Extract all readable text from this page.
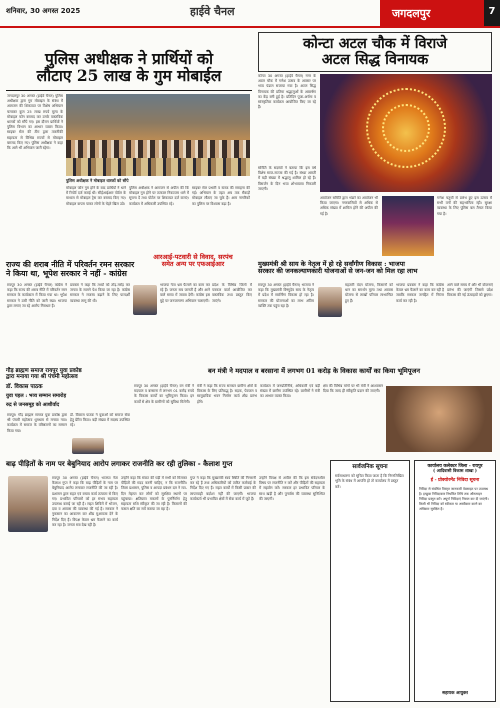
शनिवार, 30 अगस्त 2025	हाईवे चैनल	जगदलपुर	7
पुलिस अधीक्षक ने प्रार्थियों को
लौटाए 25 लाख के गुम मोबाईल
जगदलपुर 30 अगस्त (हाईवे चैनल) पुलिस अधीक्षक द्वारा गुम मोबाइल के संबंध में आमजन की शिकायत पर विशेष अभियान चलाकर कुल 25 लाख रुपये मूल्य के मोबाइल फोन बरामद कर उनके वास्तविक धारकों को सौंपे गए। इस दौरान प्रार्थियों ने पुलिस विभाग का आभार व्यक्त किया। साइबर सेल की टीम द्वारा तकनीकी सहायता से विभिन्न राज्यों से मोबाइल बरामद किए गए। पुलिस अधीक्षक ने कहा कि आगे भी अभियान जारी रहेगा।
पुलिस अधीक्षक ने मोबाइल धारकों को सौंपे
मोबाइल फोन गुम होने के बाद प्रार्थियों ने थाने में रिपोर्ट दर्ज कराई थी। सीईआईआर पोर्टल के माध्यम से मोबाइल ट्रेस कर बरामद किए गए। मोबाइल वापस पाकर लोगों के चेहरे खिल उठे।
पुलिस अधीक्षक ने आमजन से अपील की कि मोबाइल गुम होने पर तत्काल निकटतम थाने में सूचना दें तथा पोर्टल पर शिकायत दर्ज कराएं। कार्यक्रम में अधिकारी उपस्थित रहे।
साइबर सेल प्रभारी व स्टाफ की सराहना की गई। अभियान के तहत अब तक सैकड़ों मोबाइल लौटाए जा चुके हैं। आम नागरिकों का पुलिस पर विश्वास बढ़ा है।
कोन्टा अटल चौक में विराजे
अटल सिद्ध विनायक
कोन्टा 30 अगस्त (हाईवे चैनल) नगर के अटल चौक में गणेश उत्सव के अवसर पर भव्य पंडाल सजाया गया है। अटल सिद्ध विनायक की प्रतिमा श्रद्धालुओं के आकर्षण का केंद्र बनी हुई है। प्रतिदिन पूजा-अर्चना व सांस्कृतिक कार्यक्रम आयोजित किए जा रहे हैं।
समिति के सदस्यों ने बताया कि इस वर्ष विशेष साज-सज्जा की गई है। संध्या आरती में बड़ी संख्या में श्रद्धालु शामिल हो रहे हैं। विसर्जन के दिन भव्य शोभायात्रा निकाली जाएगी।
आयोजन समिति द्वारा भंडारे का आयोजन भी किया जाएगा। नगरवासियों से अधिक से अधिक संख्या में शामिल होने की अपील की गई है।
गणेश चतुर्थी से प्रारंभ हुए इस उत्सव में सभी वर्गों की सहभागिता रही। सुरक्षा व्यवस्था के लिए पुलिस बल तैनात किया गया है।
राज्य की शराब नीति में परिवर्तन रमन सरकार
ने किया था, भूपेश सरकार ने नहीं - कांग्रेस
रायपुर 30 अगस्त (हाईवे चैनल) कांग्रेस ने कहा कि राज्य की शराब नीति में परिवर्तन रमन सरकार के कार्यकाल में किया गया था। भूपेश सरकार ने उसी नीति को जारी रखा। भाजपा द्वारा लगाए जा रहे आरोप निराधार हैं।
प्रवक्ता ने कहा कि तथ्यों को तोड़-मरोड़ कर जनता के सामने पेश किया जा रहा है। कांग्रेस सरकार ने राजस्व बढ़ाने के लिए पारदर्शी व्यवस्था लागू की थी।
भाजपा नेता भ्रम फैलाने का काम कर रहे हैं। जनता सब जानती है और आने वाले समय में जवाब देगी। कांग्रेस इस मुद्दे पर जनजागरण अभियान चलाएगी।
प्रदेश के विभिन्न जिलों में पत्रकार वार्ता आयोजित कर वास्तविक तथ्य प्रस्तुत किए जाएंगे।
आरआई-पटवारी से विवाद, सरपंच
समेत अन्य पर एफआईआर	मुख्यमंत्री श्री साय के नेतृत्व में हो रहे सर्वांगीण विकास : भाजपा
सरकार की जनकल्याणकारी योजनाओं से जन-जन को मिल रहा लाभ
रायपुर 30 अगस्त (हाईवे चैनल) भाजपा ने कहा कि मुख्यमंत्री विष्णुदेव साय के नेतृत्व में प्रदेश में सर्वांगीण विकास हो रहा है। सरकार की योजनाओं का लाभ अंतिम व्यक्ति तक पहुंच रहा है।
महतारी वंदन योजना, किसानों को धान का समर्थन मूल्य तथा आवास योजना से लाखों परिवार लाभान्वित हुए हैं।
भाजपा प्रवक्ता ने कहा कि कांग्रेस केवल भ्रम फैलाने का काम कर रही है जबकि सरकार जनहित में निरंतर कार्य कर रही है।
आने वाले समय में और भी योजनाएं प्रारंभ की जाएंगी जिससे प्रदेश विकास की नई ऊंचाइयों को छुएगा।
गौड़ ब्राह्मण समाज रायपुर युवा प्रकोष्ठ
द्वारा मनाया गया श्री पंचमी महोत्सव
डॉ. विकास पाठक
युवा पहल : भव्य सम्मान समारोह
रुद्र से जनसमूह को आशीर्वाद
रायपुर। गौड़ ब्राह्मण समाज युवा प्रकोष्ठ द्वारा श्री पंचमी महोत्सव धूमधाम से मनाया गया। कार्यक्रम में समाज के वरिष्ठजनों का सम्मान किया गया।
डॉ. विकास पाठक ने युवाओं को समाज सेवा हेतु प्रेरित किया। बड़ी संख्या में सदस्य उपस्थित रहे।
बन मंत्री ने मदपाल व बरसाना में लगभग 01 करोड़ के विकास कार्यों का किया भूमिपूजन
रायपुर 30 अगस्त (हाईवे चैनल) वन मंत्री ने मदपाल व बरसाना में लगभग 01 करोड़ रुपये के विकास कार्यों का भूमिपूजन किया। इन कार्यों से क्षेत्र के ग्रामीणों को सुविधा मिलेगी।
मंत्री ने कहा कि राज्य सरकार ग्रामीण क्षेत्रों के विकास के लिए प्रतिबद्ध है। सड़क, पेयजल व सामुदायिक भवन निर्माण कार्य शीघ्र प्रारंभ होंगे।
कार्यक्रम में जनप्रतिनिधि, अधिकारी एवं बड़ी संख्या में ग्रामीण उपस्थित रहे। ग्रामीणों ने मंत्री का आभार व्यक्त किया।
क्षेत्र की विभिन्न मांगों पर भी मंत्री ने आश्वासन दिया कि जल्द ही स्वीकृति प्रदान की जाएगी।
बाढ़ पीड़ितों के नाम पर बेबुनियाद आरोप लगाकर राजनीति कर रही तुलिका - कैलाश गुप्त
रायपुर 30 अगस्त (हाईवे चैनल) भाजपा नेता कैलाश गुप्त ने कहा कि बाढ़ पीड़ितों के नाम पर बेबुनियाद आरोप लगाकर राजनीति की जा रही है। प्रशासन द्वारा राहत एवं बचाव कार्य तत्परता से किए गए। प्रभावित परिवारों को हर संभव सहायता उपलब्ध कराई जा रही है। राहत शिविरों में भोजन, दवा व आवास की व्यवस्था की गई है। सरकार ने नुकसान का आकलन कर शीघ्र मुआवजा देने के निर्देश दिए हैं। विपक्ष केवल भ्रम फैलाने का कार्य कर रहा है। जनता सब देख रही है।
उन्होंने कहा कि संकट की घड़ी में सभी को मिलकर पीड़ितों की मदद करनी चाहिए, न कि राजनीति। जिला प्रशासन, पुलिस व आपदा प्रबंधन दल ने रात-दिन मेहनत कर लोगों को सुरक्षित स्थानों पर पहुंचाया। क्षतिग्रस्त मकानों के पुनर्निर्माण हेतु सहायता राशि स्वीकृत की जा रही है। किसानों की फसल क्षति का सर्वे कराया जा रहा है।
गुप्त ने कहा कि मुख्यमंत्री स्वयं स्थिति की निगरानी कर रहे हैं तथा अधिकारियों को त्वरित कार्रवाई के निर्देश दिए गए हैं। राहत कार्यों में किसी प्रकार की लापरवाही बर्दाश्त नहीं की जाएगी। भाजपा कार्यकर्ता भी प्रभावित क्षेत्रों में सेवा कार्य में जुटे हैं।
उन्होंने विपक्ष से अपील की कि इस संवेदनशील विषय पर राजनीति न करें और पीड़ितों की सहायता में सहयोग करें। सरकार हर प्रभावित परिवार के साथ खड़ी है और पुनर्वास की व्यवस्था सुनिश्चित की जाएगी।
सार्वजनिक सूचना
सर्वसाधारण को सूचित किया जाता है कि निम्नलिखित भूमि के संबंध में आपत्ति हो तो कार्यालय में प्रस्तुत करें।
कार्यालय कलेक्टर जिला - रायपुर
( आदिवासी विकास शाखा )
ई - प्रोक्योरमेंट निविदा सूचना
निविदा से संबंधित विस्तृत जानकारी वेबसाइट पर उपलब्ध है। इच्छुक निविदाकार निर्धारित तिथि तक ऑनलाइन निविदा प्रस्तुत करें। अपूर्ण निविदाएं निरस्त कर दी जाएंगी। किसी भी निविदा को स्वीकार या अस्वीकार करने का अधिकार सुरक्षित है।
सहायक आयुक्त
